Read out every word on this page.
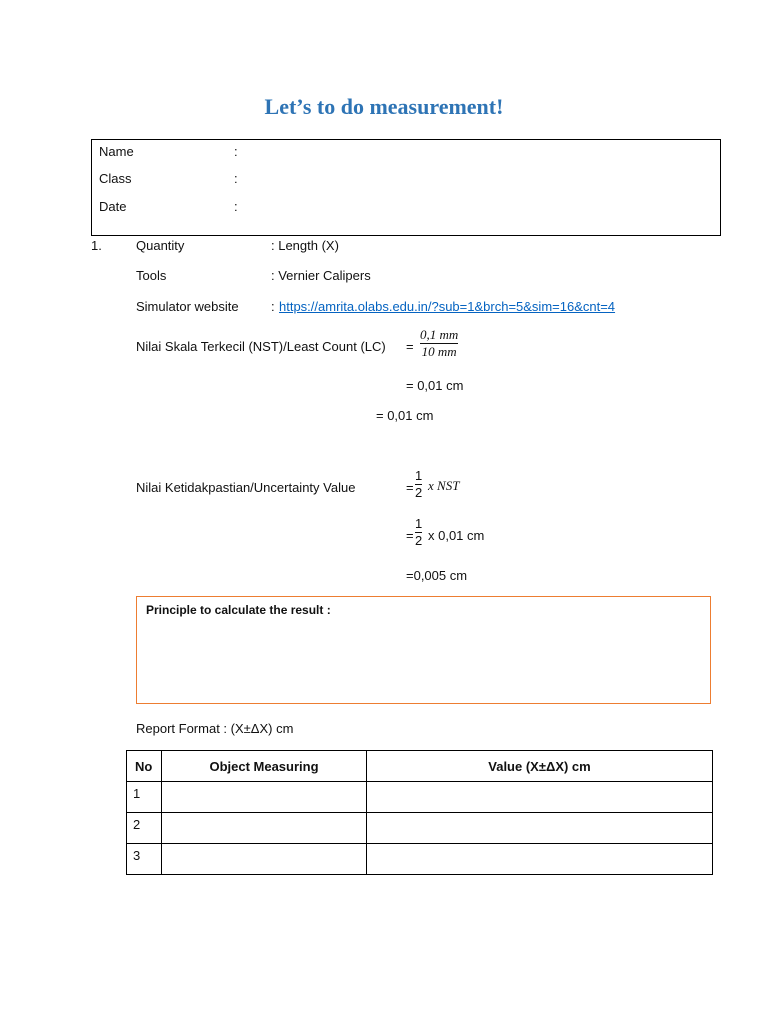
Let’s to do measurement!
Name	:
Class	:
Date	:
1.	Quantity	: Length (X)
Tools	: Vernier Calipers
Simulator website : https://amrita.olabs.edu.in/?sub=1&brch=5&sim=16&cnt=4
Nilai Skala Terkecil (NST)/Least Count (LC) =
0,1 mm
10 mm
= 0,01 cm
= 0,01 cm
Nilai Ketidakpastian/Uncertainty Value	=
1
2 x NST
=
1
2 x 0,01 cm
=0,005 cm
Principle to calculate the result :
Report Format : (X±ΔX) cm
No	Object Measuring	Value (X±ΔX) cm
1		
2		
3		
